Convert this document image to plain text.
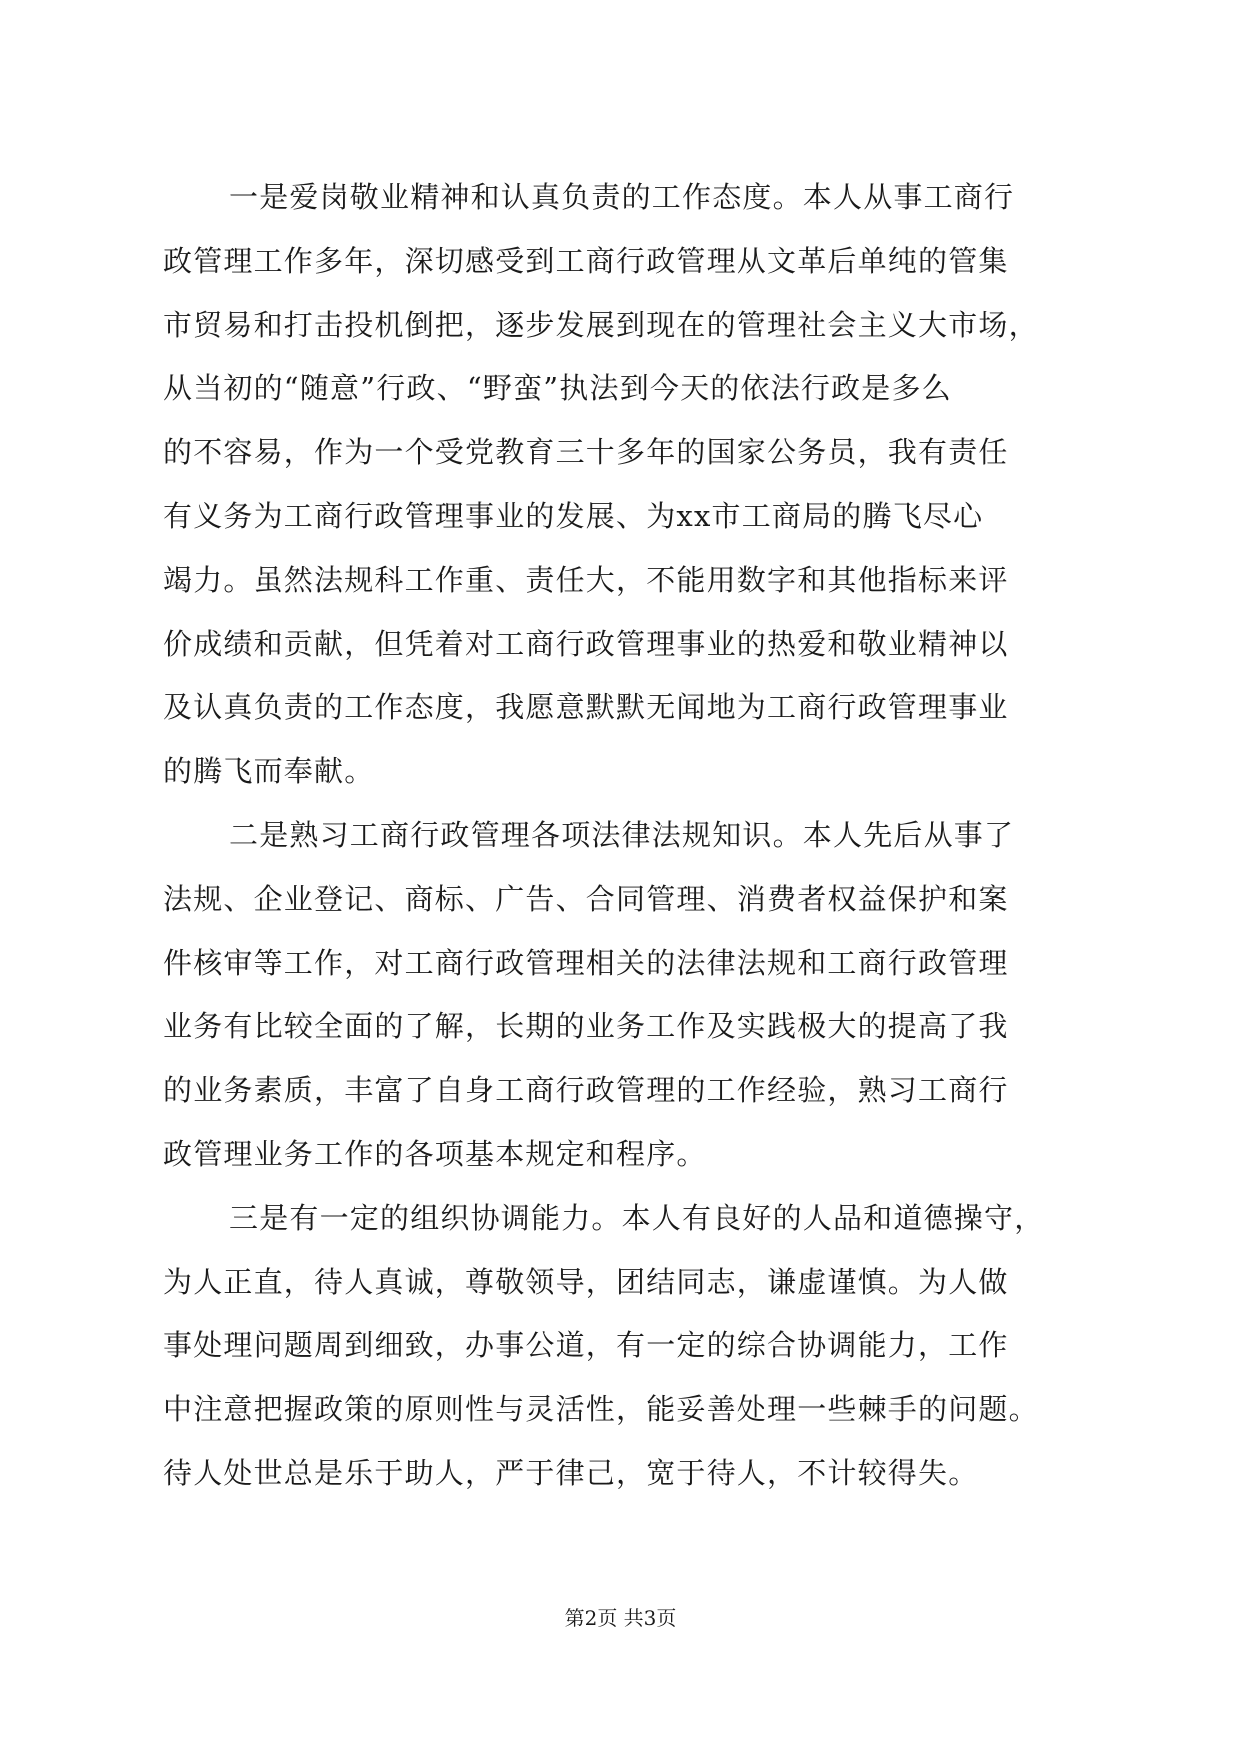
一是爱岗敬业精神和认真负责的工作态度。本人从事工商行
政管理工作多年，深切感受到工商行政管理从文革后单纯的管集
市贸易和打击投机倒把，逐步发展到现在的管理社会主义大市场，
从当初的“随意”行政、“野蛮”执法到今天的依法行政是多么
的不容易，作为一个受党教育三十多年的国家公务员，我有责任
有义务为工商行政管理事业的发展、为xx市工商局的腾飞尽心
竭力。虽然法规科工作重、责任大，不能用数字和其他指标来评
价成绩和贡献，但凭着对工商行政管理事业的热爱和敬业精神以
及认真负责的工作态度，我愿意默默无闻地为工商行政管理事业
的腾飞而奉献。
二是熟习工商行政管理各项法律法规知识。本人先后从事了
法规、企业登记、商标、广告、合同管理、消费者权益保护和案
件核审等工作，对工商行政管理相关的法律法规和工商行政管理
业务有比较全面的了解，长期的业务工作及实践极大的提高了我
的业务素质，丰富了自身工商行政管理的工作经验，熟习工商行
政管理业务工作的各项基本规定和程序。
三是有一定的组织协调能力。本人有良好的人品和道德操守，
为人正直，待人真诚，尊敬领导，团结同志，谦虚谨慎。为人做
事处理问题周到细致，办事公道，有一定的综合协调能力，工作
中注意把握政策的原则性与灵活性，能妥善处理一些棘手的问题。
待人处世总是乐于助人，严于律己，宽于待人，不计较得失。
第2页 共3页
